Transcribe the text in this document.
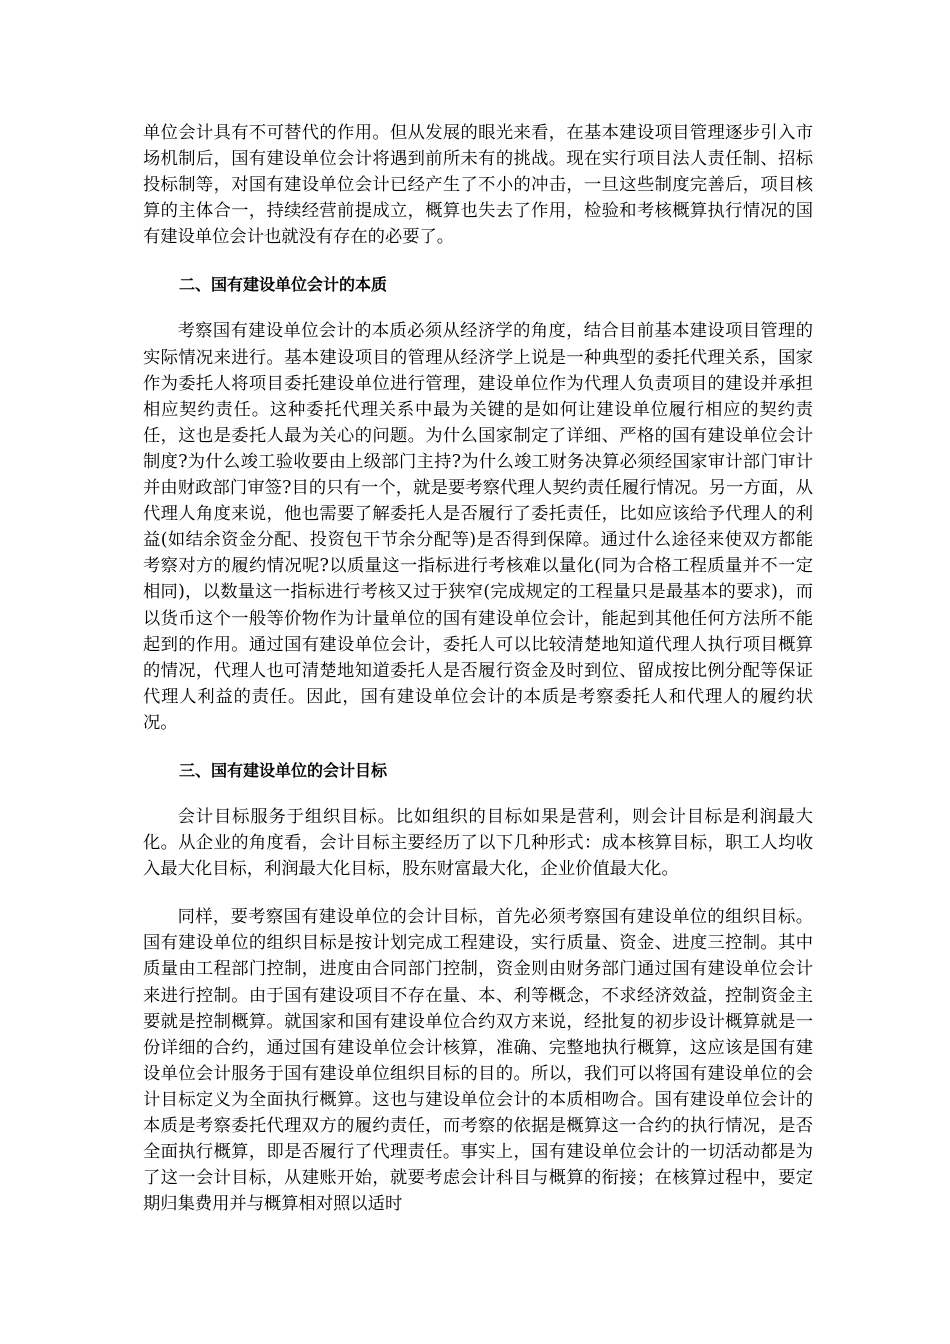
单位会计具有不可替代的作用。但从发展的眼光来看，在基本建设项目管理逐步引入市场机制后，国有建设单位会计将遇到前所未有的挑战。现在实行项目法人责任制、招标投标制等，对国有建设单位会计已经产生了不小的冲击，一旦这些制度完善后，项目核算的主体合一，持续经营前提成立，概算也失去了作用，检验和考核概算执行情况的国有建设单位会计也就没有存在的必要了。

二、国有建设单位会计的本质

考察国有建设单位会计的本质必须从经济学的角度，结合目前基本建设项目管理的实际情况来进行。基本建设项目的管理从经济学上说是一种典型的委托代理关系，国家作为委托人将项目委托建设单位进行管理，建设单位作为代理人负责项目的建设并承担相应契约责任。这种委托代理关系中最为关键的是如何让建设单位履行相应的契约责任，这也是委托人最为关心的问题。为什么国家制定了详细、严格的国有建设单位会计制度?为什么竣工验收要由上级部门主持?为什么竣工财务决算必须经国家审计部门审计并由财政部门审签?目的只有一个，就是要考察代理人契约责任履行情况。另一方面，从代理人角度来说，他也需要了解委托人是否履行了委托责任，比如应该给予代理人的利益(如结余资金分配、投资包干节余分配等)是否得到保障。通过什么途径来使双方都能考察对方的履约情况呢?以质量这一指标进行考核难以量化(同为合格工程质量并不一定相同)，以数量这一指标进行考核又过于狭窄(完成规定的工程量只是最基本的要求)，而以货币这个一般等价物作为计量单位的国有建设单位会计，能起到其他任何方法所不能起到的作用。通过国有建设单位会计，委托人可以比较清楚地知道代理人执行项目概算的情况，代理人也可清楚地知道委托人是否履行资金及时到位、留成按比例分配等保证代理人利益的责任。因此，国有建设单位会计的本质是考察委托人和代理人的履约状况。

三、国有建设单位的会计目标

会计目标服务于组织目标。比如组织的目标如果是营利，则会计目标是利润最大化。从企业的角度看，会计目标主要经历了以下几种形式：成本核算目标，职工人均收入最大化目标，利润最大化目标，股东财富最大化，企业价值最大化。

同样，要考察国有建设单位的会计目标，首先必须考察国有建设单位的组织目标。国有建设单位的组织目标是按计划完成工程建设，实行质量、资金、进度三控制。其中质量由工程部门控制，进度由合同部门控制，资金则由财务部门通过国有建设单位会计来进行控制。由于国有建设项目不存在量、本、利等概念，不求经济效益，控制资金主要就是控制概算。就国家和国有建设单位合约双方来说，经批复的初步设计概算就是一份详细的合约，通过国有建设单位会计核算，准确、完整地执行概算，这应该是国有建设单位会计服务于国有建设单位组织目标的目的。所以，我们可以将国有建设单位的会计目标定义为全面执行概算。这也与建设单位会计的本质相吻合。国有建设单位会计的本质是考察委托代理双方的履约责任，而考察的依据是概算这一合约的执行情况，是否全面执行概算，即是否履行了代理责任。事实上，国有建设单位会计的一切活动都是为了这一会计目标，从建账开始，就要考虑会计科目与概算的衔接；在核算过程中，要定期归集费用并与概算相对照以适时
